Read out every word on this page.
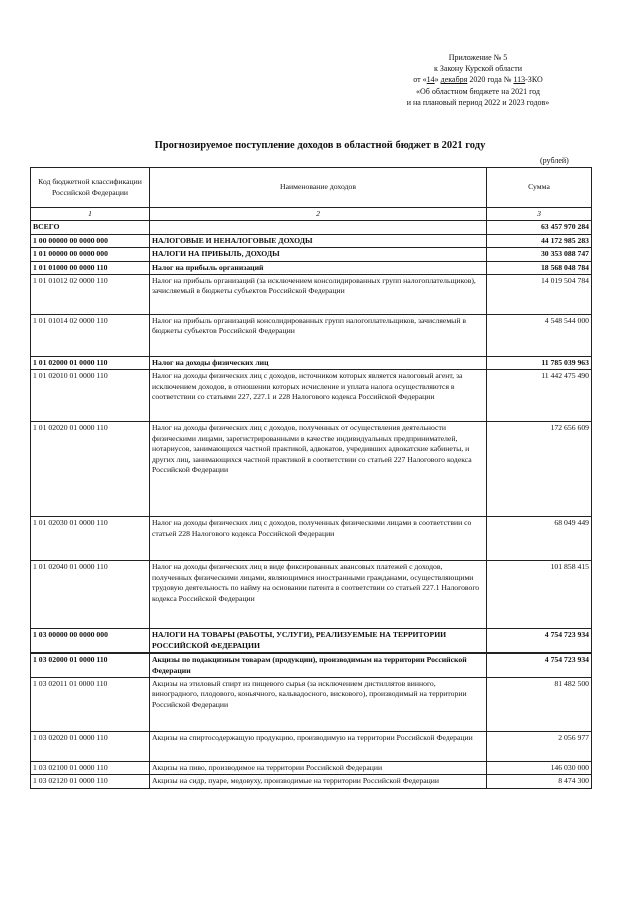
Приложение № 5
к Закону Курской области
от «14» декабря 2020 года № 113-ЗКО
«Об областном бюджете на 2021 год
и на плановый период 2022 и 2023 годов»
Прогнозируемое поступление доходов в областной бюджет в 2021 году
(рублей)
Код бюджетной классификации Российской Федерации	Наименование доходов	Сумма
1	2	3
ВСЕГО		63 457 970 284
1 00 00000 00 0000 000	НАЛОГОВЫЕ И НЕНАЛОГОВЫЕ ДОХОДЫ	44 172 985 283
1 01 00000 00 0000 000	НАЛОГИ НА ПРИБЫЛЬ, ДОХОДЫ	30 353 088 747
1 01 01000 00 0000 110	Налог на прибыль организаций	18 568 048 784
1 01 01012 02 0000 110	Налог на прибыль организаций (за исключением консолидированных групп налогоплательщиков), зачисляемый в бюджеты субъектов Российской Федерации	14 019 504 784
1 01 01014 02 0000 110	Налог на прибыль организаций консолидированных групп налогоплательщиков, зачисляемый в бюджеты субъектов Российской Федерации	4 548 544 000
1 01 02000 01 0000 110	Налог на доходы физических лиц	11 785 039 963
1 01 02010 01 0000 110	Налог на доходы физических лиц с доходов, источником которых является налоговый агент, за исключением доходов, в отношении которых исчисление и уплата налога осуществляются в соответствии со статьями 227, 227.1 и 228 Налогового кодекса Российской Федерации	11 442 475 490
1 01 02020 01 0000 110	Налог на доходы физических лиц с доходов, полученных от осуществления деятельности физическими лицами, зарегистрированными в качестве индивидуальных предпринимателей, нотариусов, занимающихся частной практикой, адвокатов, учредивших адвокатские кабинеты, и других лиц, занимающихся частной практикой в соответствии со статьей 227 Налогового кодекса Российской Федерации	172 656 609
1 01 02030 01 0000 110	Налог на доходы физических лиц с доходов, полученных физическими лицами в соответствии со статьей 228 Налогового кодекса Российской Федерации	68 049 449
1 01 02040 01 0000 110	Налог на доходы физических лиц в виде фиксированных авансовых платежей с доходов, полученных физическими лицами, являющимися иностранными гражданами, осуществляющими трудовую деятельность по найму на основании патента в соответствии со статьей 227.1 Налогового кодекса Российской Федерации	101 858 415
1 03 00000 00 0000 000	НАЛОГИ НА ТОВАРЫ (РАБОТЫ, УСЛУГИ), РЕАЛИЗУЕМЫЕ НА ТЕРРИТОРИИ РОССИЙСКОЙ ФЕДЕРАЦИИ	4 754 723 934
1 03 02000 01 0000 110	Акцизы по подакцизным товарам (продукции), производимым на территории Российской Федерации	4 754 723 934
1 03 02011 01 0000 110	Акцизы на этиловый спирт из пищевого сырья (за исключением дистиллятов винного, виноградного, плодового, коньячного, кальвадосного, вискового), производимый на территории Российской Федерации	81 482 500
1 03 02020 01 0000 110	Акцизы на спиртосодержащую продукцию, производимую на территории Российской Федерации	2 056 977
1 03 02100 01 0000 110	Акцизы на пиво, производимое на территории Российской Федерации	146 030 000
1 03 02120 01 0000 110	Акцизы на сидр, пуаре, медовуху, производимые на территории Российской Федерации	8 474 300
